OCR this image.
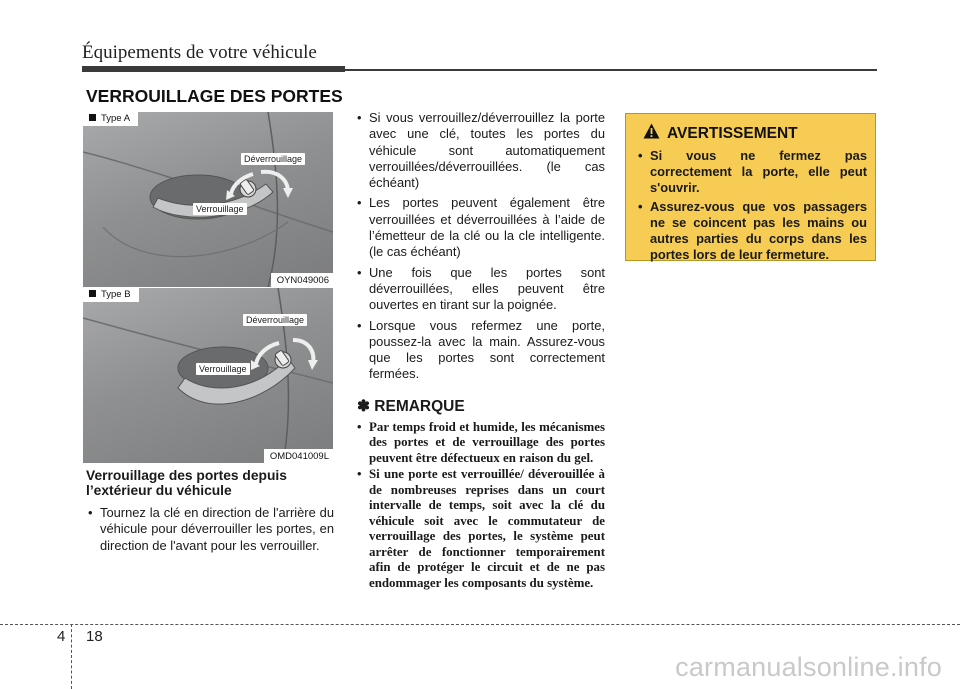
Équipements de votre véhicule
VERROUILLAGE DES PORTES
Type A
Déverrouillage
Verrouillage
OYN049006
Type B
Déverrouillage
Verrouillage
OMD041009L
Verrouillage des portes depuis l’extérieur du véhicule
• Tournez la clé en direction de l'arrière du véhicule pour déverrouiller les portes, en direction de l'avant pour les verrouiller.
• Si vous verrouillez/déverrouillez la porte avec une clé, toutes les portes du véhicule sont automatiquement verrouillées/déverrouillées. (le cas échéant)
• Les portes peuvent également être verrouillées et déverrouillées à l’aide de l’émetteur de la clé ou la cle intelligente.(le cas échéant)
• Une fois que les portes sont déverrouillées, elles peuvent être ouvertes en tirant sur la poignée.
• Lorsque vous refermez une porte, poussez-la avec la main. Assurez-vous que les portes sont correctement fermées.
✽ REMARQUE
• Par temps froid et humide, les mécanismes des portes et de verrouillage des portes peuvent être défectueux en raison du gel.
• Si une porte est verrouillée/ déverouillée à de nombreuses reprises dans un court intervalle de temps, soit avec la clé du véhicule soit avec le commutateur de verrouillage des portes, le système peut arrêter de fonctionner temporairement afin de protéger le circuit et de ne pas endommager les composants du système.
AVERTISSEMENT
• Si vous ne fermez pas correctement la porte, elle peut s'ouvrir.
• Assurez-vous que vos passagers ne se coincent pas les mains ou autres parties du corps dans les portes lors de leur fermeture.
4 18
carmanualsonline.info
